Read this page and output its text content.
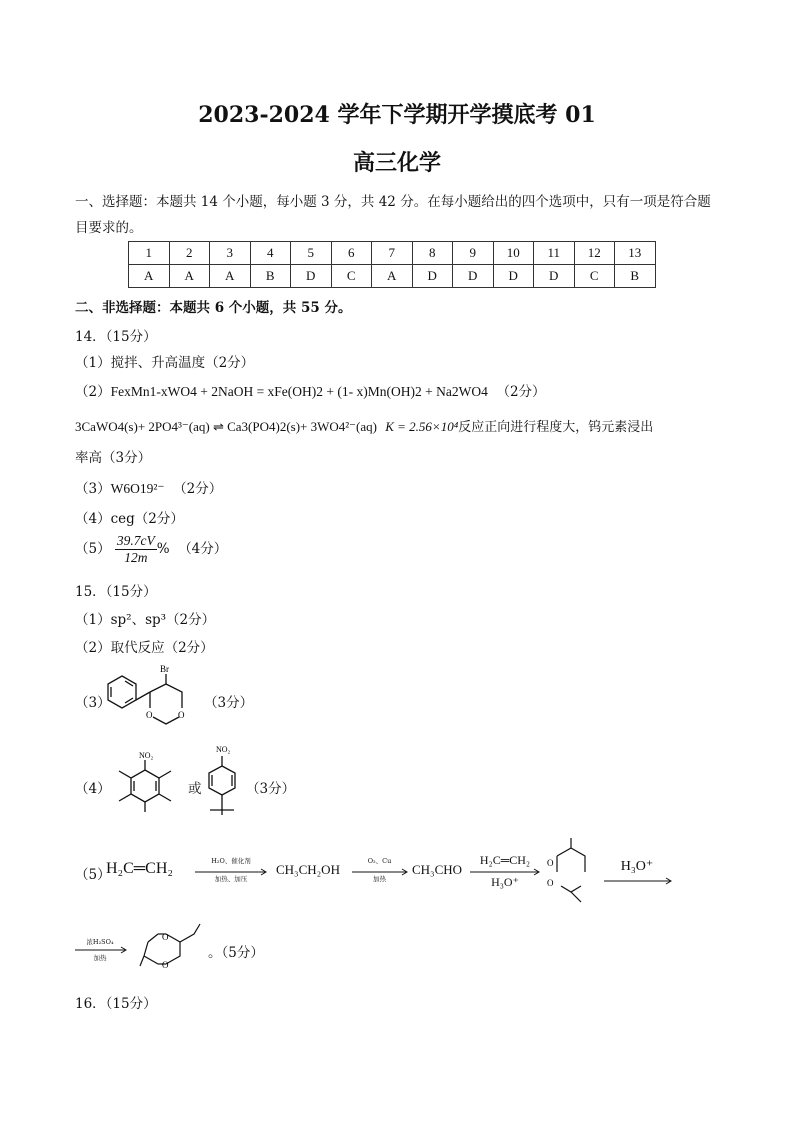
2023-2024 学年下学期开学摸底考 01
高三化学
一、选择题：本题共 14 个小题，每小题 3 分，共 42 分。在每小题给出的四个选项中，只有一项是符合题
目要求的。
1	2	3	4	5	6	7	8	9	10	11	12	13
A	A	A	B	D	C	A	D	D	D	D	C	B
二、非选择题：本题共 6 个小题，共 55 分。
14．（15分）
（1）搅拌、升高温度（2分）
（2）FexMn1-xWO4 + 2NaOH = xFe(OH)2 + (1- x)Mn(OH)2 + Na2WO4 （2分）
3CaWO4(s)+ 2PO4³⁻(aq) ⇌ Ca3(PO4)2(s)+ 3WO4²⁻(aq) K = 2.56×10⁴反应正向进行程度大，钨元素浸出
率高（3分）
（3）W6O19²⁻ （2分）
（4）ceg（2分）
$(5) \frac{39.7cV}{12m}$ % （4分）
15．（15分）
（1）sp²、sp³（2分）
（2）取代反应（2分）
（3）
Br
O	O
（3分）
（4）
NO₂
或
NO₂
（3分）
（5）
H₂C═CH₂	H₂O、催化剂
加热、加压
CH₃CH₂OH
O₂、Cu
加热
CH₃CHO
H₂C═CH₂
H₃O⁺
O
O
H₃O⁺
浓H₂SO₄
加热
O
O
。（5分）
16．（15分）
